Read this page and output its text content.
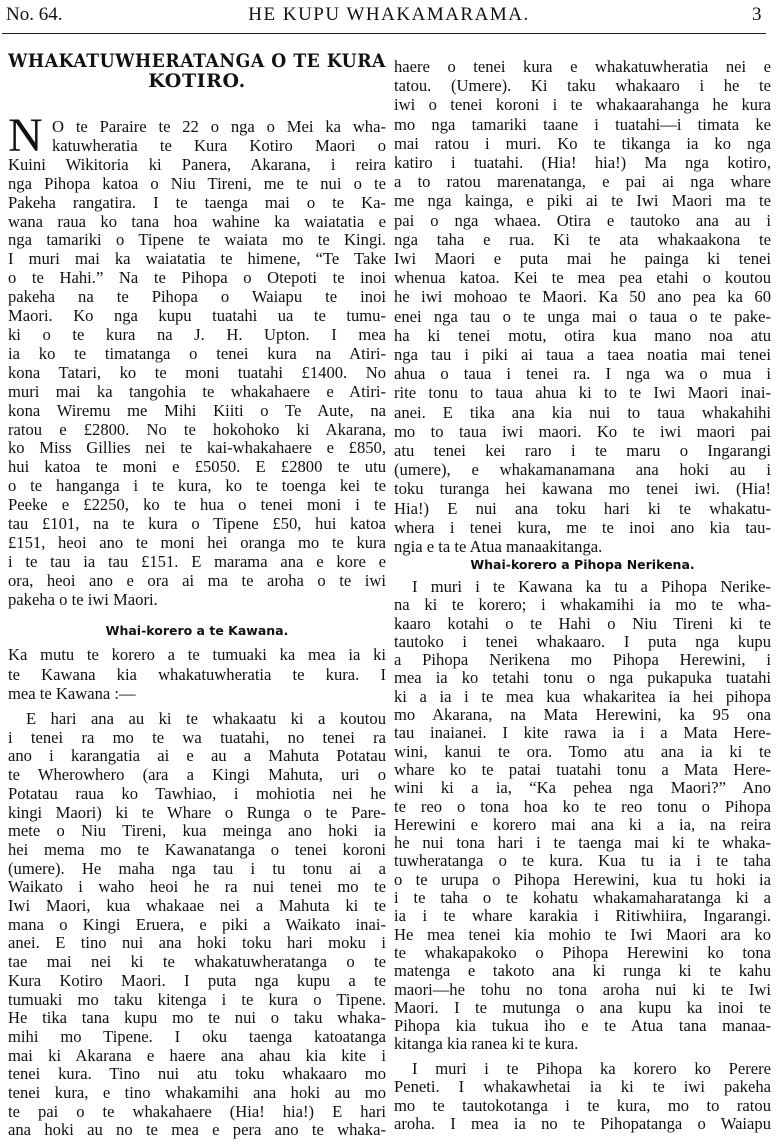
No. 64.	HE KUPU WHAKAMARAMA.	3
WHAKATUWHERATANGA O TE KURA
KOTIRO.
N O te Paraire te 22 o nga o Mei ka wha-
katuwheratia te Kura Kotiro Maori o
Kuini Wikitoria ki Panera, Akarana, i reira
nga Pihopa katoa o Niu Tireni, me te nui o te
Pakeha rangatira. I te taenga mai o te Ka-
wana raua ko tana hoa wahine ka waiatatia e
nga tamariki o Tipene te waiata mo te Kingi.
I muri mai ka waiatatia te himene, “Te Take
o te Hahi.” Na te Pihopa o Otepoti te inoi
pakeha na te Pihopa o Waiapu te inoi
Maori. Ko nga kupu tuatahi ua te tumu-
ki o te kura na J. H. Upton. I mea
ia ko te timatanga o tenei kura na Atiri-
kona Tatari, ko te moni tuatahi £1400. No
muri mai ka tangohia te whakahaere e Atiri-
kona Wiremu me Mihi Kiiti o Te Aute, na
ratou e £2800. No te hokohoko ki Akarana,
ko Miss Gillies nei te kai-whakahaere e £850,
hui katoa te moni e £5050. E £2800 te utu
o te hanganga i te kura, ko te toenga kei te
Peeke e £2250, ko te hua o tenei moni i te
tau £101, na te kura o Tipene £50, hui katoa
£151, heoi ano te moni hei oranga mo te kura
i te tau ia tau £151. E marama ana e kore e
ora, heoi ano e ora ai ma te aroha o te iwi
pakeha o te iwi Maori.
Whai-korero a te Kawana.
Ka mutu te korero a te tumuaki ka mea ia ki
te Kawana kia whakatuwheratia te kura. I
mea te Kawana :—
E hari ana au ki te whakaatu ki a koutou
i tenei ra mo te wa tuatahi, no tenei ra
ano i karangatia ai e au a Mahuta Potatau
te Wherowhero (ara a Kingi Mahuta, uri o
Potatau raua ko Tawhiao, i mohiotia nei he
kingi Maori) ki te Whare o Runga o te Pare-
mete o Niu Tireni, kua meinga ano hoki ia
hei mema mo te Kawanatanga o tenei koroni
(umere). He maha nga tau i tu tonu ai a
Waikato i waho heoi he ra nui tenei mo te
Iwi Maori, kua whakaae nei a Mahuta ki te
mana o Kingi Eruera, e piki a Waikato inai-
anei. E tino nui ana hoki toku hari moku i
tae mai nei ki te whakatuwheratanga o te
Kura Kotiro Maori. I puta nga kupu a te
tumuaki mo taku kitenga i te kura o Tipene.
He tika tana kupu mo te nui o taku whaka-
mihi mo Tipene. I oku taenga katoatanga
mai ki Akarana e haere ana ahau kia kite i
tenei kura. Tino nui atu toku whakaaro mo
tenei kura, e tino whakamihi ana hoki au mo
te pai o te whakahaere (Hia! hia!) E hari
ana hoki au no te mea e pera ano te whaka-
haere o tenei kura e whakatuwheratia nei e
tatou. (Umere). Ki taku whakaaro i he te
iwi o tenei koroni i te whakaarahanga he kura
mo nga tamariki taane i tuatahi—i timata ke
mai ratou i muri. Ko te tikanga ia ko nga
katiro i tuatahi. (Hia! hia!) Ma nga kotiro,
a to ratou marenatanga, e pai ai nga whare
me nga kainga, e piki ai te Iwi Maori ma te
pai o nga whaea. Otira e tautoko ana au i
nga taha e rua. Ki te ata whakaakona te
Iwi Maori e puta mai he painga ki tenei
whenua katoa. Kei te mea pea etahi o koutou
he iwi mohoao te Maori. Ka 50 ano pea ka 60
enei nga tau o te unga mai o taua o te pake-
ha ki tenei motu, otira kua mano noa atu
nga tau i piki ai taua a taea noatia mai tenei
ahua o taua i tenei ra. I nga wa o mua i
rite tonu to taua ahua ki to te Iwi Maori inai-
anei. E tika ana kia nui to taua whakahihi
mo to taua iwi maori. Ko te iwi maori pai
atu tenei kei raro i te maru o Ingarangi
(umere), e whakamanamana ana hoki au i
toku turanga hei kawana mo tenei iwi. (Hia!
Hia!) E nui ana toku hari ki te whakatu-
whera i tenei kura, me te inoi ano kia tau-
ngia e ta te Atua manaakitanga.
Whai-korero a Pihopa Nerikena.
I muri i te Kawana ka tu a Pihopa Nerike-
na ki te korero; i whakamihi ia mo te wha-
kaaro kotahi o te Hahi o Niu Tireni ki te
tautoko i tenei whakaaro. I puta nga kupu
a Pihopa Nerikena mo Pihopa Herewini, i
mea ia ko tetahi tonu o nga pukapuka tuatahi
ki a ia i te mea kua whakaritea ia hei pihopa
mo Akarana, na Mata Herewini, ka 95 ona
tau inaianei. I kite rawa ia i a Mata Here-
wini, kanui te ora. Tomo atu ana ia ki te
whare ko te patai tuatahi tonu a Mata Here-
wini ki a ia, “Ka pehea nga Maori?” Ano
te reo o tona hoa ko te reo tonu o Pihopa
Herewini e korero mai ana ki a ia, na reira
he nui tona hari i te taenga mai ki te whaka-
tuwheratanga o te kura. Kua tu ia i te taha
o te urupa o Pihopa Herewini, kua tu hoki ia
i te taha o te kohatu whakamaharatanga ki a
ia i te whare karakia i Ritiwhiira, Ingarangi.
He mea tenei kia mohio te Iwi Maori ara ko
te whakapakoko o Pihopa Herewini ko tona
matenga e takoto ana ki runga ki te kahu
maori—he tohu no tona aroha nui ki te Iwi
Maori. I te mutunga o ana kupu ka inoi te
Pihopa kia tukua iho e te Atua tana manaa-
kitanga kia ranea ki te kura.
I muri i te Pihopa ka korero ko Perere
Peneti. I whakawhetai ia ki te iwi pakeha
mo te tautokotanga i te kura, mo to ratou
aroha. I mea ia no te Pihopatanga o Waiapu
